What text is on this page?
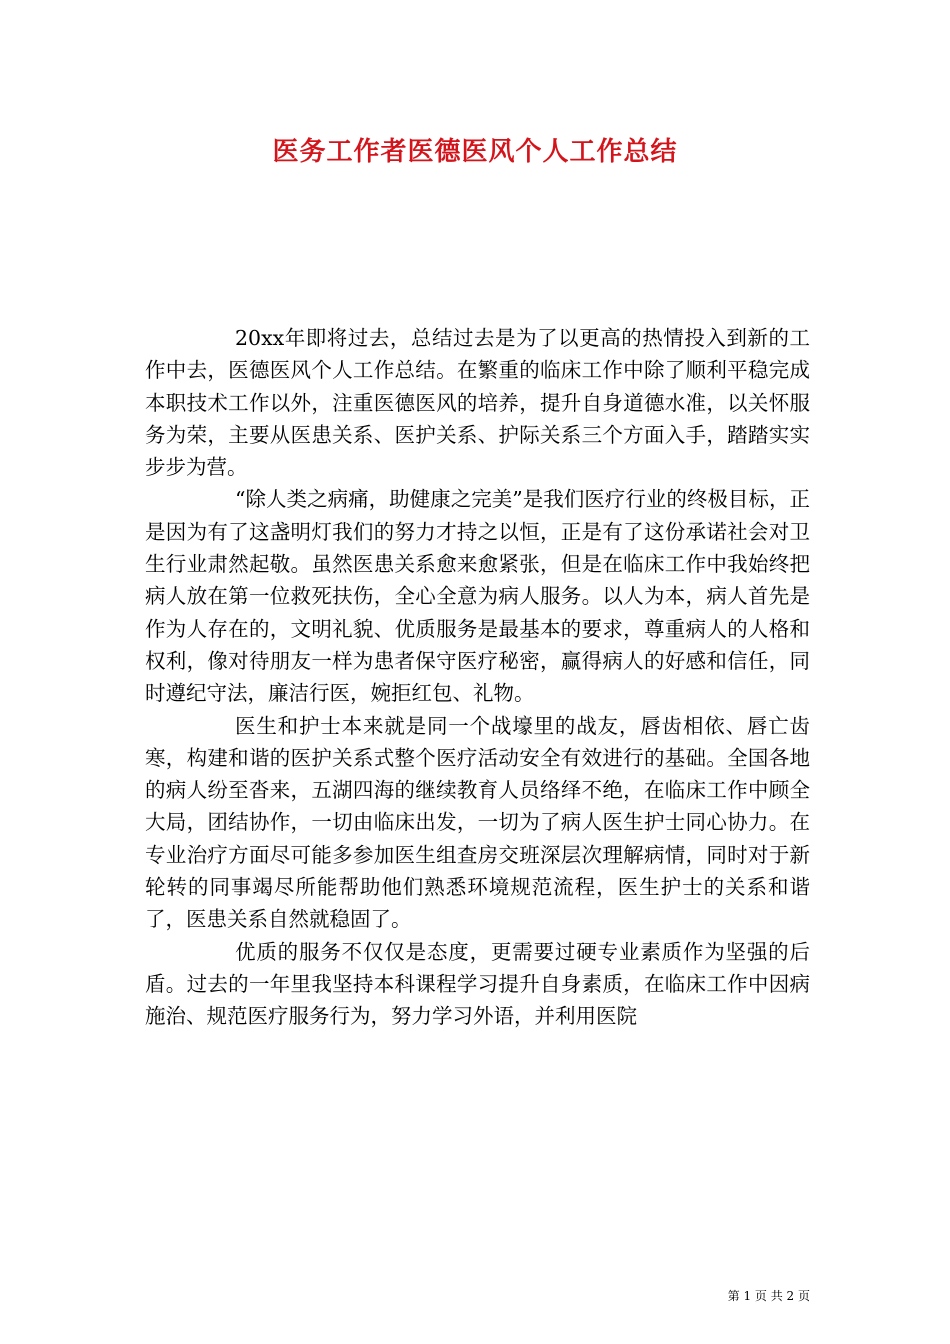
医务工作者医德医风个人工作总结

20xx年即将过去，总结过去是为了以更高的热情投入到新的工作中去，医德医风个人工作总结。在繁重的临床工作中除了顺利平稳完成本职技术工作以外，注重医德医风的培养，提升自身道德水准，以关怀服务为荣，主要从医患关系、医护关系、护际关系三个方面入手，踏踏实实步步为营。

“除人类之病痛，助健康之完美”是我们医疗行业的终极目标，正是因为有了这盏明灯我们的努力才持之以恒，正是有了这份承诺社会对卫生行业肃然起敬。虽然医患关系愈来愈紧张，但是在临床工作中我始终把病人放在第一位救死扶伤，全心全意为病人服务。以人为本，病人首先是作为人存在的，文明礼貌、优质服务是最基本的要求，尊重病人的人格和权利，像对待朋友一样为患者保守医疗秘密，赢得病人的好感和信任，同时遵纪守法，廉洁行医，婉拒红包、礼物。

医生和护士本来就是同一个战壕里的战友，唇齿相依、唇亡齿寒，构建和谐的医护关系式整个医疗活动安全有效进行的基础。全国各地的病人纷至沓来，五湖四海的继续教育人员络绎不绝，在临床工作中顾全大局，团结协作，一切由临床出发，一切为了病人医生护士同心协力。在专业治疗方面尽可能多参加医生组查房交班深层次理解病情，同时对于新轮转的同事竭尽所能帮助他们熟悉环境规范流程，医生护士的关系和谐了，医患关系自然就稳固了。

优质的服务不仅仅是态度，更需要过硬专业素质作为坚强的后盾。过去的一年里我坚持本科课程学习提升自身素质，在临床工作中因病施治、规范医疗服务行为，努力学习外语，并利用医院

第 1 页 共 2 页
